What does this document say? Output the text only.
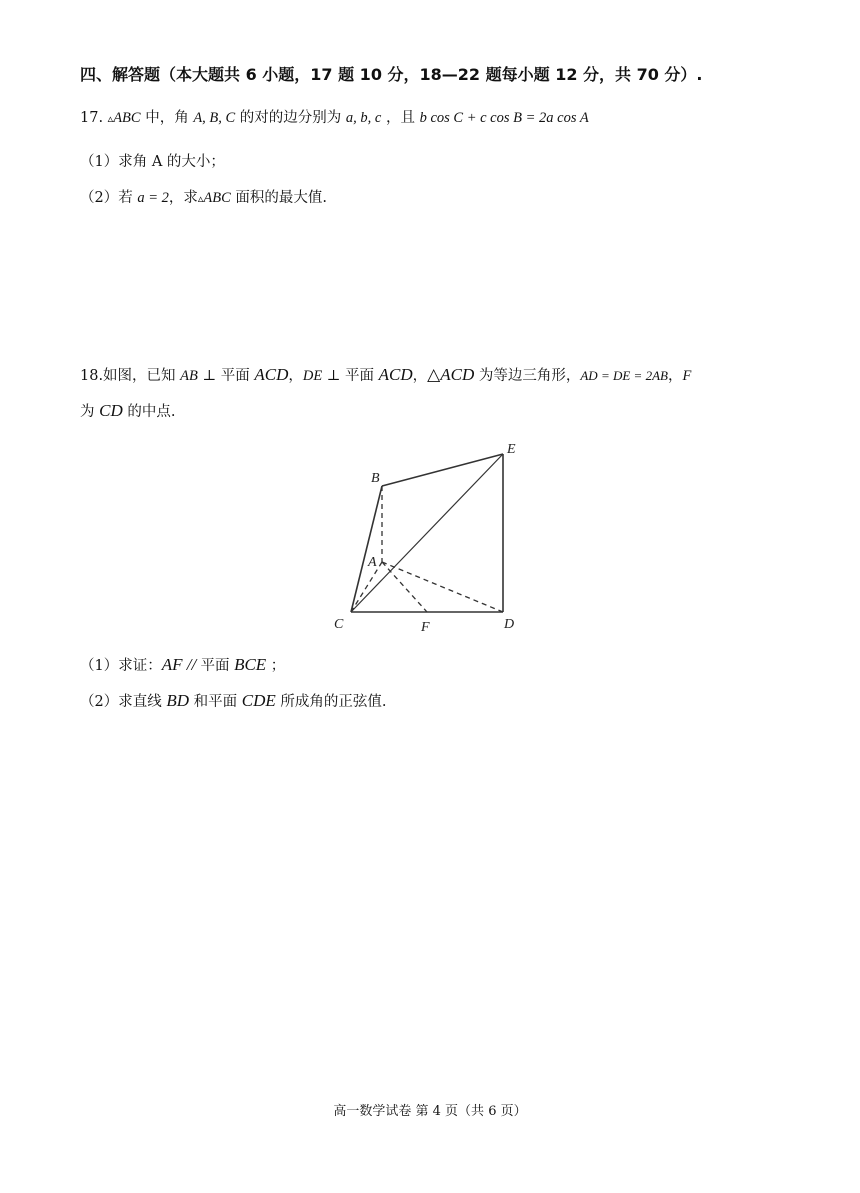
四、解答题（本大题共 6 小题，17 题 10 分，18—22 题每小题 12 分，共 70 分）.
17. ▵ABC 中，角 A, B, C 的对的边分别为 a, b, c ，且 b cos C + c cos B = 2a cos A
（1）求角 A 的大小；
（2）若 a = 2，求▵ABC 面积的最大值.
18.如图，已知 AB ⊥ 平面 ACD，DE ⊥ 平面 ACD，△ACD 为等边三角形，AD = DE = 2AB，F
为 CD 的中点.
B
E
A
C	F	D
（1）求证：AF // 平面 BCE ；
（2）求直线 BD 和平面 CDE 所成角的正弦值.
高一数学试卷 第 4 页（共 6 页）
